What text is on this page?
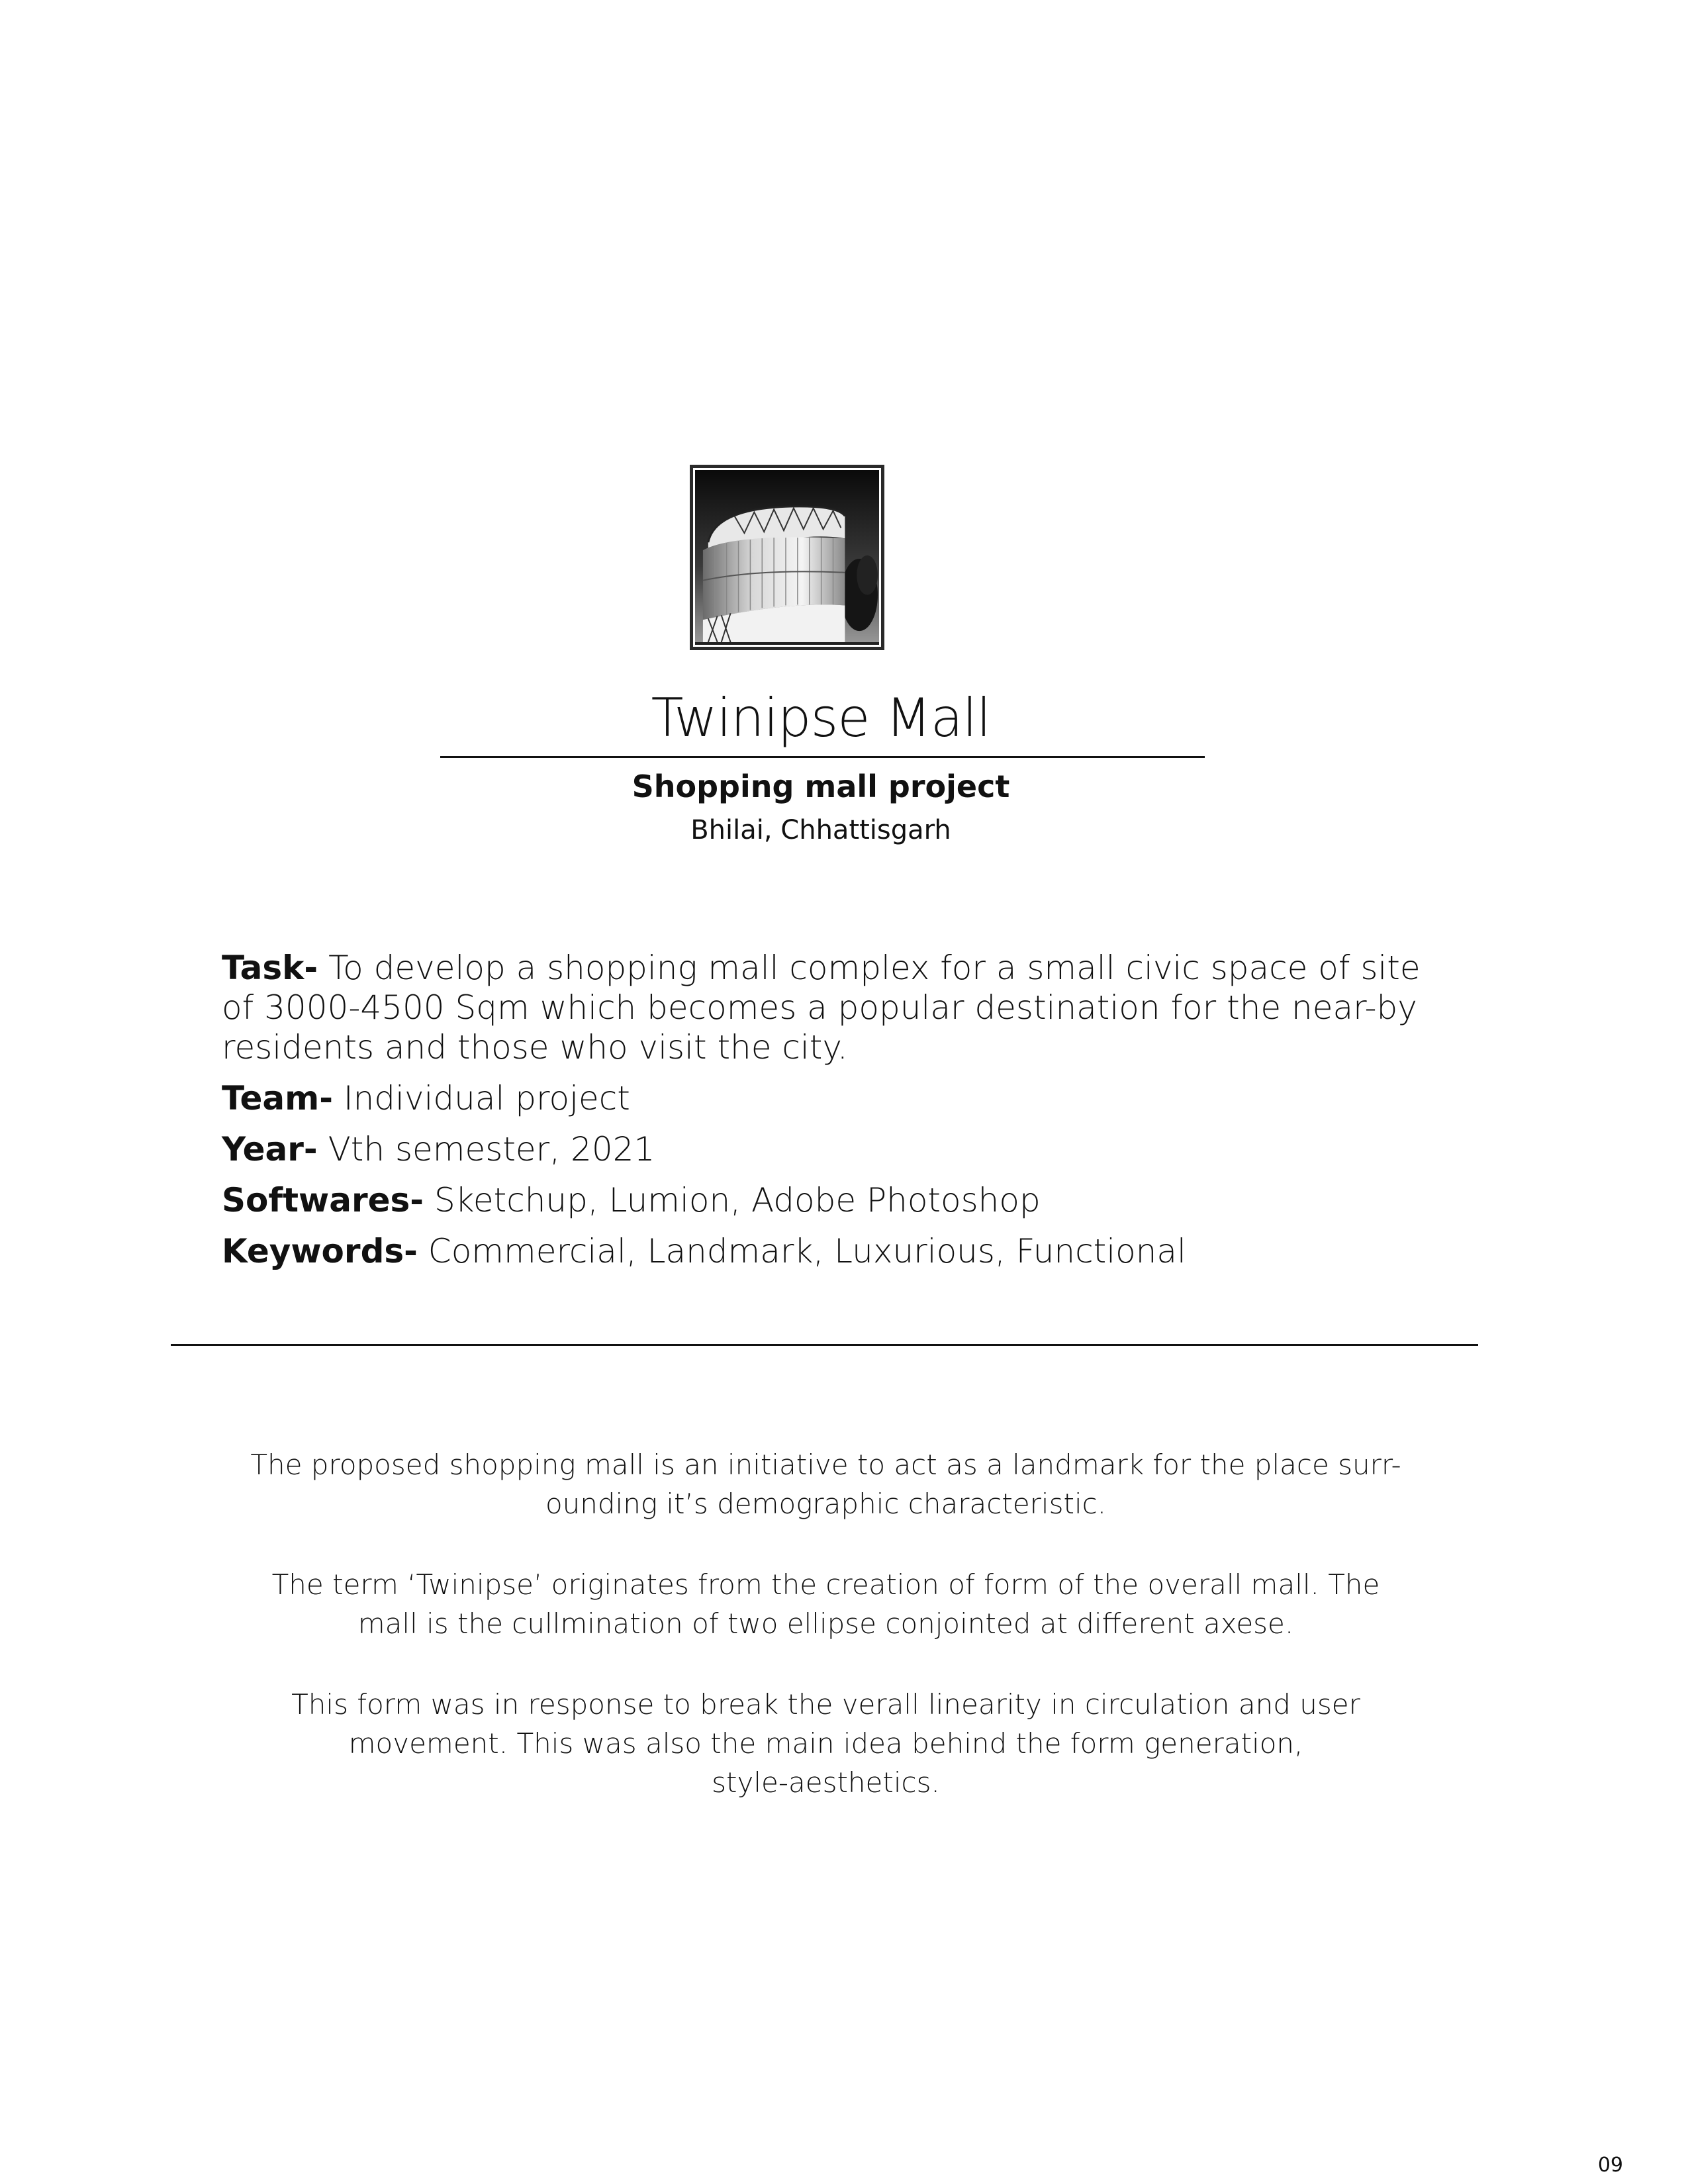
Twinipse Mall
Shopping mall project
Bhilai, Chhattisgarh
Task- To develop a shopping mall complex for a small civic space of site
of 3000-4500 Sqm which becomes a popular destination for the near-by
residents and those who visit the city.
Team- Individual project
Year- Vth semester, 2021
Softwares- Sketchup, Lumion, Adobe Photoshop
Keywords- Commercial, Landmark, Luxurious, Functional

The proposed shopping mall is an initiative to act as a landmark for the place surr-
ounding it’s demographic characteristic.

The term ‘Twinipse’ originates from the creation of form of the overall mall. The
mall is the cullmination of two ellipse conjointed at different axese.

This form was in response to break the verall linearity in circulation and user
movement. This was also the main idea behind the form generation,
style-aesthetics.

09
